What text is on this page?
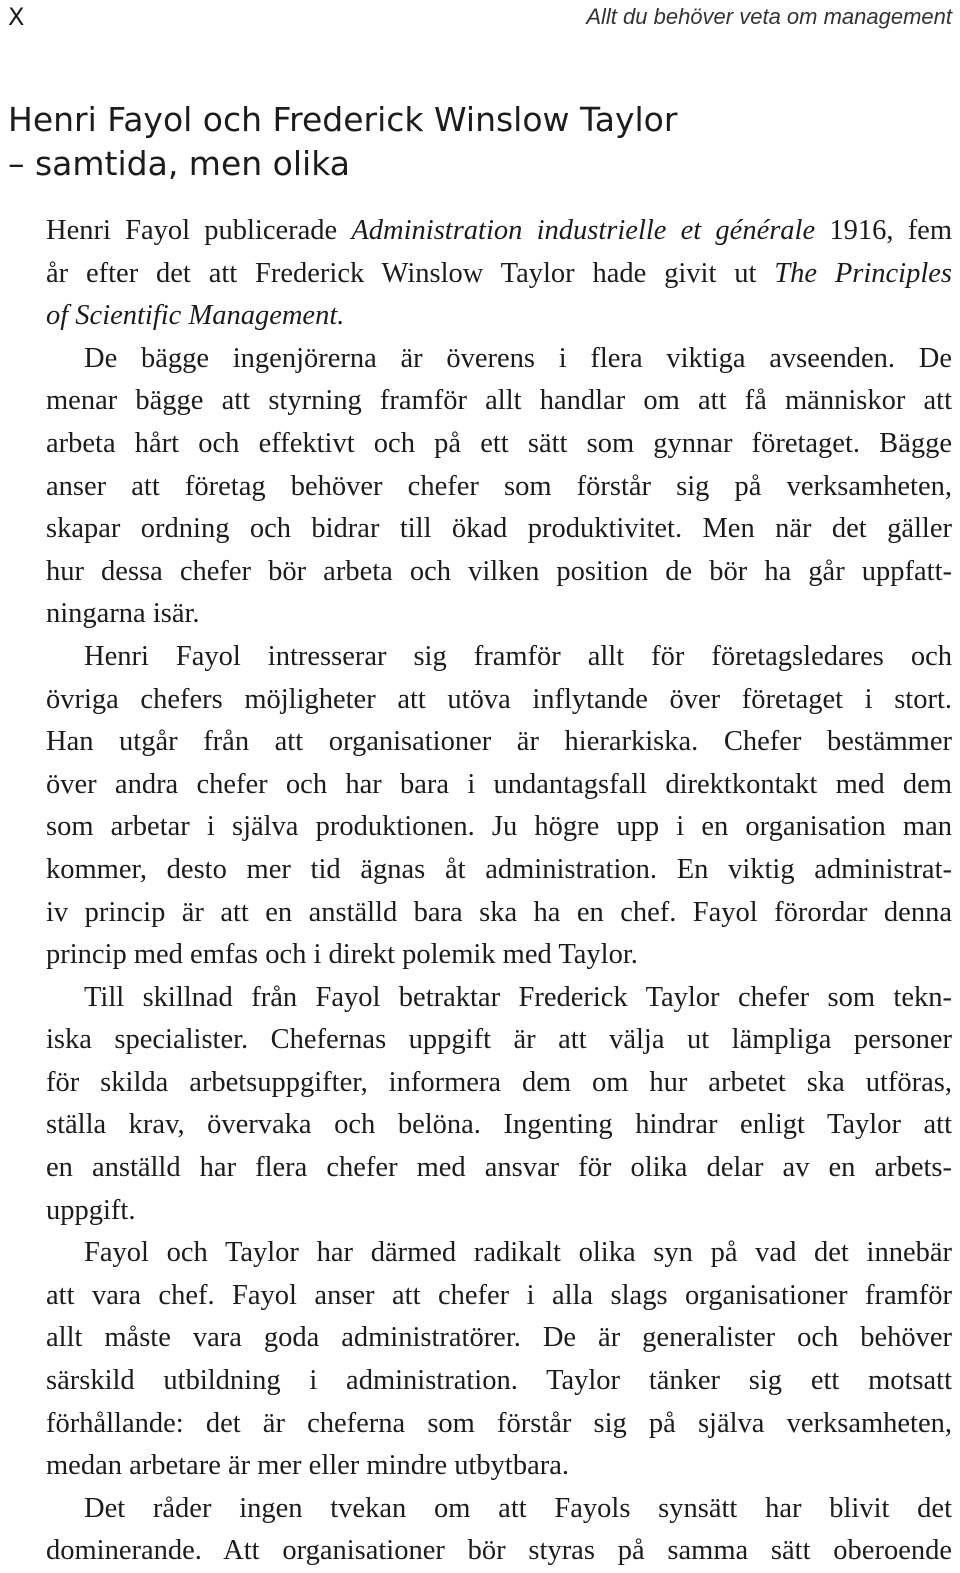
X	Allt du behöver veta om management
Henri Fayol och Frederick Winslow Taylor
– samtida, men olika

Henri Fayol publicerade Administration industrielle et générale 1916, fem
år efter det att Frederick Winslow Taylor hade givit ut The Principles
of Scientific Management.

De bägge ingenjörerna är överens i flera viktiga avseenden. De
menar bägge att styrning framför allt handlar om att få människor att
arbeta hårt och effektivt och på ett sätt som gynnar företaget. Bägge
anser att företag behöver chefer som förstår sig på verksamheten,
skapar ordning och bidrar till ökad produktivitet. Men när det gäller
hur dessa chefer bör arbeta och vilken position de bör ha går uppfatt-
ningarna isär.

Henri Fayol intresserar sig framför allt för företagsledares och
övriga chefers möjligheter att utöva inflytande över företaget i stort.
Han utgår från att organisationer är hierarkiska. Chefer bestämmer
över andra chefer och har bara i undantagsfall direktkontakt med dem
som arbetar i själva produktionen. Ju högre upp i en organisation man
kommer, desto mer tid ägnas åt administration. En viktig administrat-
iv princip är att en anställd bara ska ha en chef. Fayol förordar denna
princip med emfas och i direkt polemik med Taylor.

Till skillnad från Fayol betraktar Frederick Taylor chefer som tekn-
iska specialister. Chefernas uppgift är att välja ut lämpliga personer
för skilda arbetsuppgifter, informera dem om hur arbetet ska utföras,
ställa krav, övervaka och belöna. Ingenting hindrar enligt Taylor att
en anställd har flera chefer med ansvar för olika delar av en arbets-
uppgift.

Fayol och Taylor har därmed radikalt olika syn på vad det innebär
att vara chef. Fayol anser att chefer i alla slags organisationer framför
allt måste vara goda administratörer. De är generalister och behöver
särskild utbildning i administration. Taylor tänker sig ett motsatt
förhållande: det är cheferna som förstår sig på själva verksamheten,
medan arbetare är mer eller mindre utbytbara.

Det råder ingen tvekan om att Fayols synsätt har blivit det
dominerande. Att organisationer bör styras på samma sätt oberoende
